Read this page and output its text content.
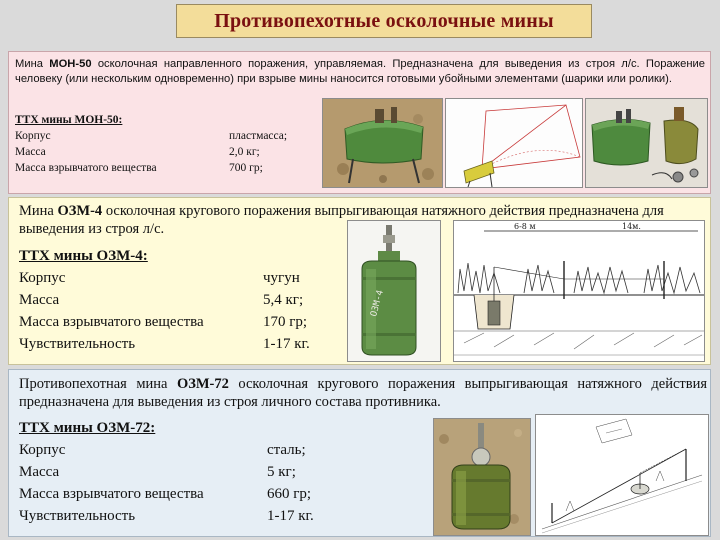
Противопехотные осколочные мины

Мина МОН-50 осколочная направленного поражения, управляемая. Предназначена для выведения из строя л/с. Поражение человеку (или нескольким одновременно) при взрыве мины наносится готовыми убойными элементами (шарики или ролики).

ТТХ мины МОН-50:
Корпус	пластмасса;
Масса	2,0 кг;
Масса взрывчатого вещества	700 гр;

Мина ОЗМ-4 осколочная кругового поражения выпрыгивающая натяжного действия предназначена для выведения из строя л/с.

ТТХ мины ОЗМ-4:
Корпус	чугун
Масса	5,4 кг;
Масса взрывчатого вещества	170 гр;
Чувствительность	1-17 кг.
ОЗМ-4
6-8 м	14м.

Противопехотная мина ОЗМ-72 осколочная кругового поражения выпрыгивающая натяжного действия предназначена для выведения из строя личного состава противника.

ТТХ мины ОЗМ-72:
Корпус	сталь;
Масса	5 кг;
Масса взрывчатого вещества	660 гр;
Чувствительность	1-17 кг.
